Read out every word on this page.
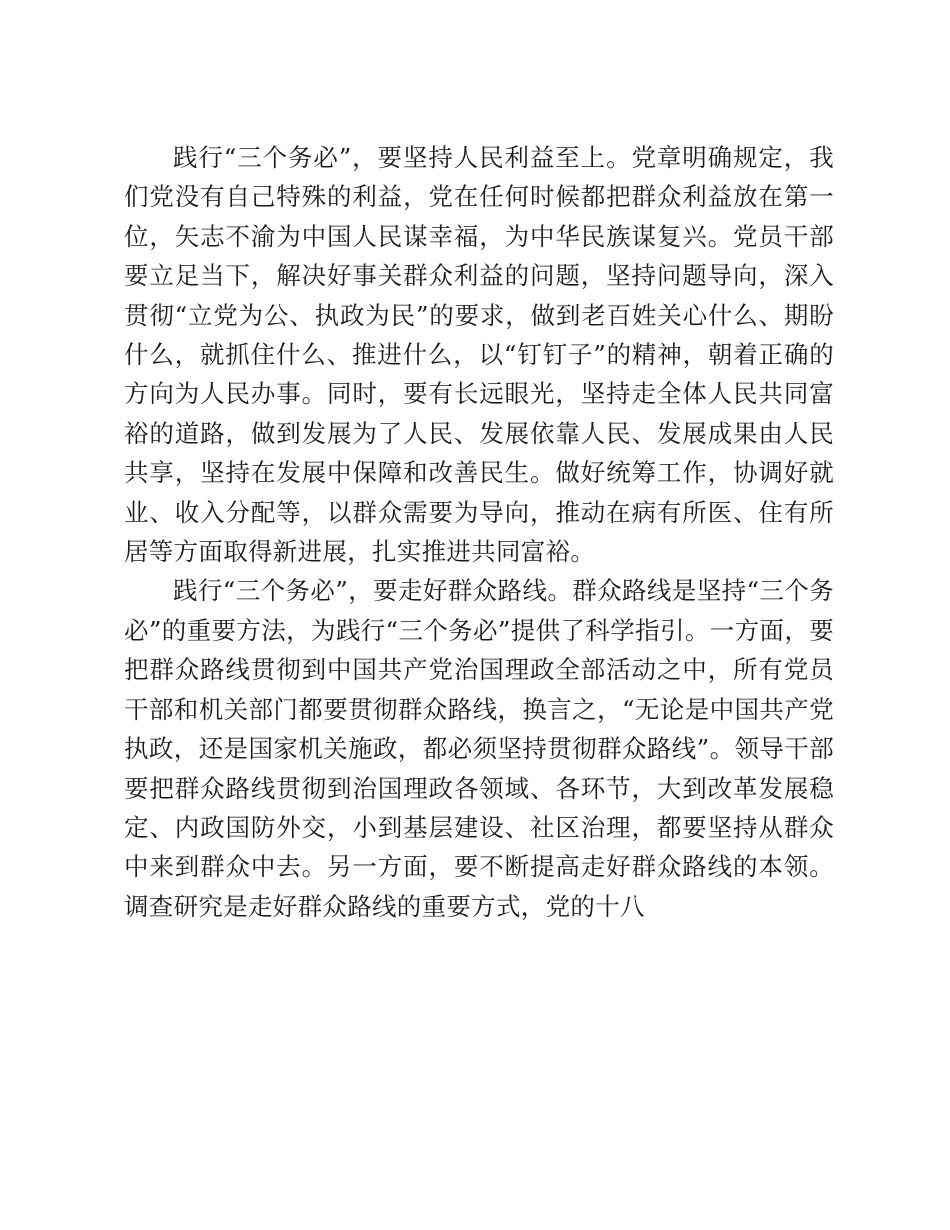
践行“三个务必”，要坚持人民利益至上。党章明确规定，我们党没有自己特殊的利益，党在任何时候都把群众利益放在第一位，矢志不渝为中国人民谋幸福，为中华民族谋复兴。党员干部要立足当下，解决好事关群众利益的问题，坚持问题导向，深入贯彻“立党为公、执政为民”的要求，做到老百姓关心什么、期盼什么，就抓住什么、推进什么，以“钉钉子”的精神，朝着正确的方向为人民办事。同时，要有长远眼光，坚持走全体人民共同富裕的道路，做到发展为了人民、发展依靠人民、发展成果由人民共享，坚持在发展中保障和改善民生。做好统筹工作，协调好就业、收入分配等，以群众需要为导向，推动在病有所医、住有所居等方面取得新进展，扎实推进共同富裕。

践行“三个务必”，要走好群众路线。群众路线是坚持“三个务必”的重要方法，为践行“三个务必”提供了科学指引。一方面，要把群众路线贯彻到中国共产党治国理政全部活动之中，所有党员干部和机关部门都要贯彻群众路线，换言之，“无论是中国共产党执政，还是国家机关施政，都必须坚持贯彻群众路线”。领导干部要把群众路线贯彻到治国理政各领域、各环节，大到改革发展稳定、内政国防外交，小到基层建设、社区治理，都要坚持从群众中来到群众中去。另一方面，要不断提高走好群众路线的本领。调查研究是走好群众路线的重要方式，党的十八
